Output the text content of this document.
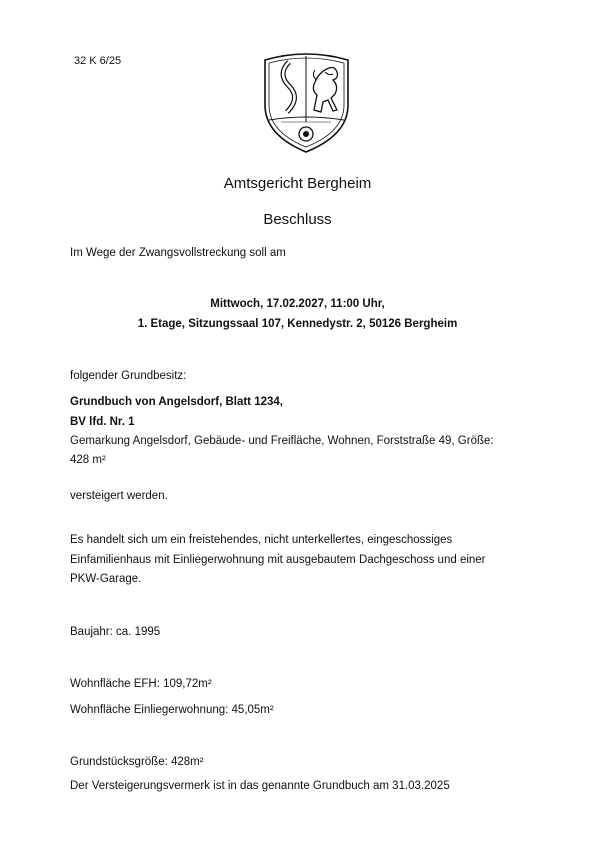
32 K 6/25
Amtsgericht Bergheim
Beschluss
Im Wege der Zwangsvollstreckung soll am
Mittwoch, 17.02.2027, 11:00 Uhr,
1. Etage, Sitzungssaal 107, Kennedystr. 2, 50126 Bergheim
folgender Grundbesitz:
Grundbuch von Angelsdorf, Blatt 1234,
BV lfd. Nr. 1
Gemarkung Angelsdorf, Gebäude- und Freifläche, Wohnen, Forststraße 49, Größe:
428 m²
versteigert werden.
Es handelt sich um ein freistehendes, nicht unterkellertes, eingeschossiges
Einfamilienhaus mit Einliegerwohnung mit ausgebautem Dachgeschoss und einer
PKW-Garage.
Baujahr: ca. 1995
Wohnfläche EFH: 109,72m²
Wohnfläche Einliegerwohnung: 45,05m²
Grundstücksgröße: 428m²
Der Versteigerungsvermerk ist in das genannte Grundbuch am 31.03.2025
